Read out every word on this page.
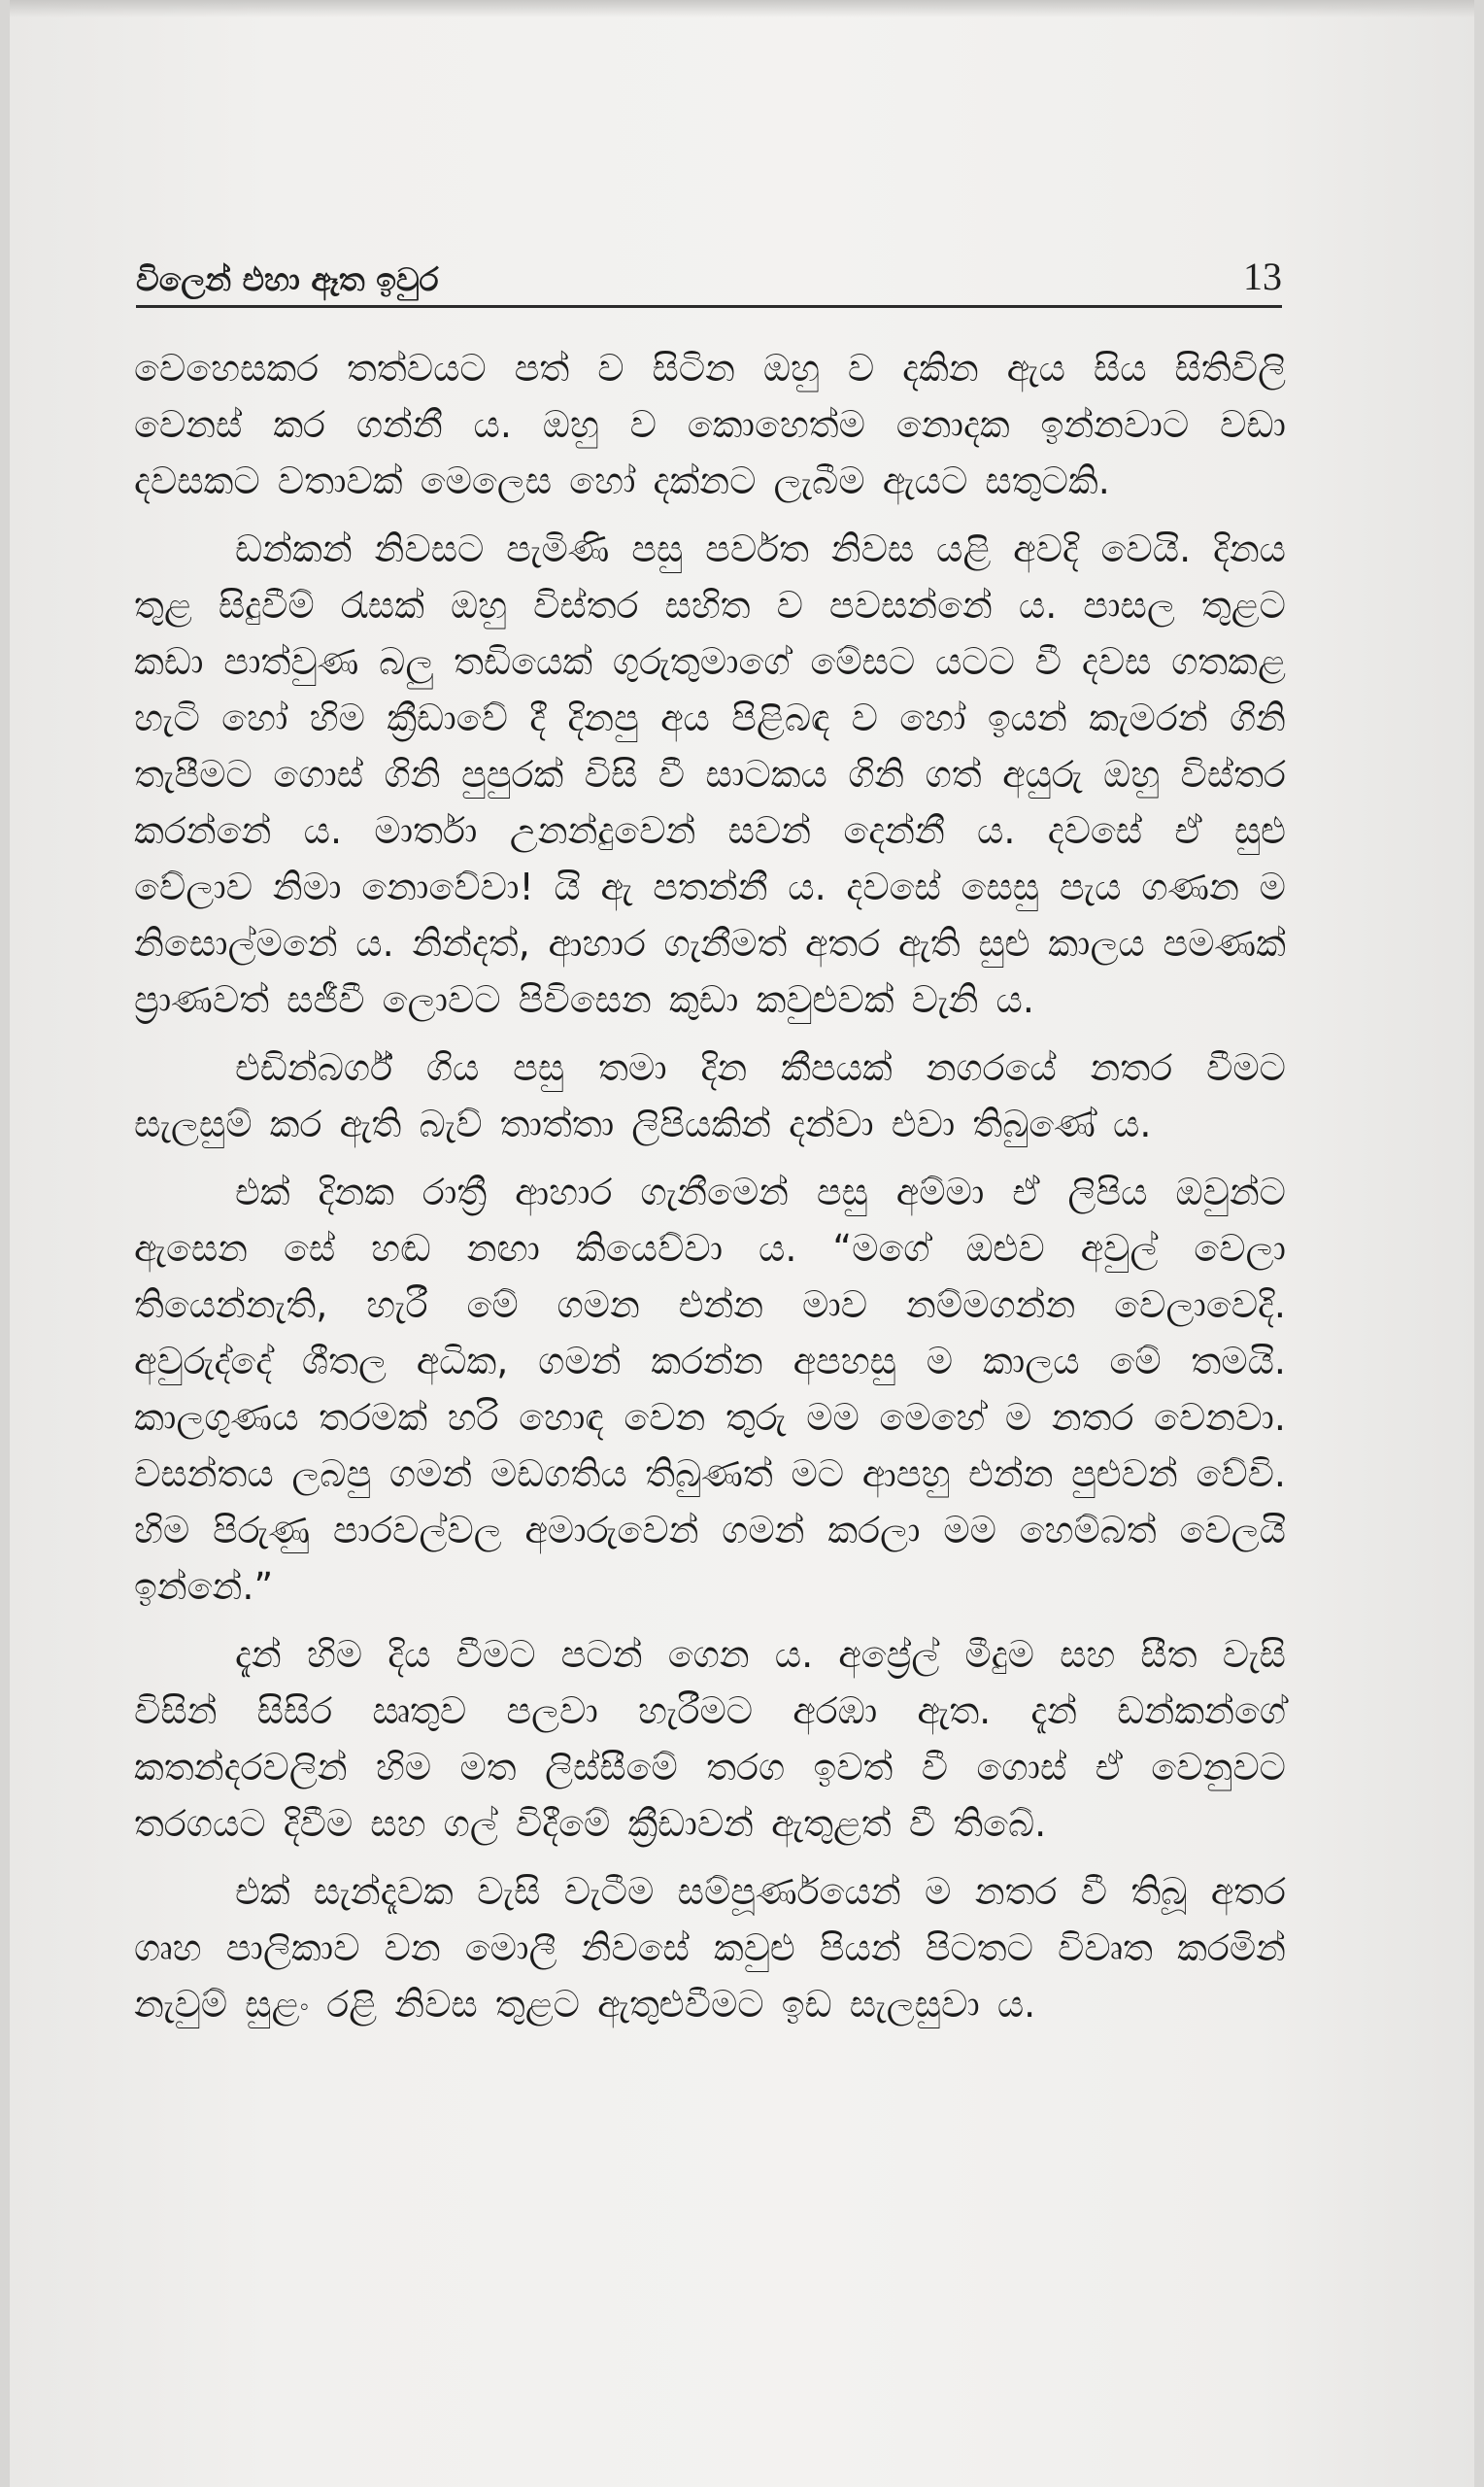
විලෙන් එහා ඈත ඉවුර	13

වෙහෙසකර තත්වයට පත් ව සිටින ඔහු ව දකින ඇය සිය සිතිවිලි වෙනස් කර ගන්නී ය. ඔහු ව කොහෙත්ම නොදක ඉන්නවාට වඩා දවසකට වතාවක් මෙලෙස හෝ දක්නට ලැබීම ඇයට සතුටකි.

ඩන්කන් නිවසට පැමිණි පසු පර්වත නිවස යළි අවදි වෙයි. දිනය තුළ සිදුවීම් රැසක් ඔහු විස්තර සහිත ව පවසන්නේ ය. පාසල තුළට කඩා පාත්වුණ බලු තඩියෙක් ගුරුතුමාගේ මේසට යටට වී දවස ගතකළ හැටි හෝ හිම ක්‍රීඩාවේ දී දිනපු අය පිළිබඳ ව හෝ ඉයන් කැමරන් ගිනි තැපීමට ගොස් ගිනි පුපුරක් විසි වී සාටකය ගිනි ගත් අයුරු ඔහු විස්තර කරන්නේ ය. මාර්තා උනන්දුවෙන් සවන් දෙන්නී ය. දවසේ ඒ සුළු වේලාව නිමා නොවේවා! යි ඇ පතන්නී ය. දවසේ සෙසු පැය ගණන ම නිසොල්මනේ ය. නින්දත්, ආහාර ගැනීමත් අතර ඇති සුළු කාලය පමණක් ප්‍රාණවත් සජීවී ලොවට පිවිසෙන කුඩා කවුළුවක් වැනි ය.

එඩින්බර්ග් ගිය පසු තමා දින කීපයක් නගරයේ නතර වීමට සැලසුම් කර ඇති බැව් තාත්තා ලිපියකින් දන්වා එවා තිබුණේ ය.

එක් දිනක රාත්‍රී ආහාර ගැනීමෙන් පසු අම්මා ඒ ලිපිය ඔවුන්ට ඇසෙන සේ හඬ නඟා කියෙව්වා ය. “මගේ ඔළුව අවුල් වෙලා තියෙන්නැති, හැරී මේ ගමන එන්න මාව නම්මගන්න වෙලාවෙදි. අවුරුද්දේ ශීතල අධික, ගමන් කරන්න අපහසු ම කාලය මේ තමයි. කාලගුණය තරමක් හරි හොඳ වෙන තුරු මම මෙහේ ම නතර වෙනවා. වසන්තය ලබපු ගමන් මඩගතිය තිබුණත් මට ආපහු එන්න පුළුවන් වේවි. හිම පිරුණු පාරවල්වල අමාරුවෙන් ගමන් කරලා මම හෙම්බත් වෙලයි ඉන්නේ.”

දැන් හිම දිය වීමට පටන් ගෙන ය. අප්‍රේල් මීදුම සහ සීත වැසි විසින් සිසිර ඍතුව පලවා හැරීමට අරඹා ඇත. දැන් ඩන්කන්ගේ කතන්දරවලින් හිම මත ලිස්සීමේ තරග ඉවත් වී ගොස් ඒ වෙනුවට තරගයට දිවීම සහ ගල් විදීමේ ක්‍රීඩාවන් ඇතුළත් වී තිබේ.

එක් සැන්දෑවක වැසි වැටීම සම්පූර්ණයෙන් ම නතර වී තිබූ අතර ගෘහ පාලිකාව වන මොලී නිවසේ කවුළු පියන් පිටතට විවෘත කරමින් නැවුම් සුළං රළි නිවස තුළට ඇතුළුවීමට ඉඩ සැලසුවා ය.
